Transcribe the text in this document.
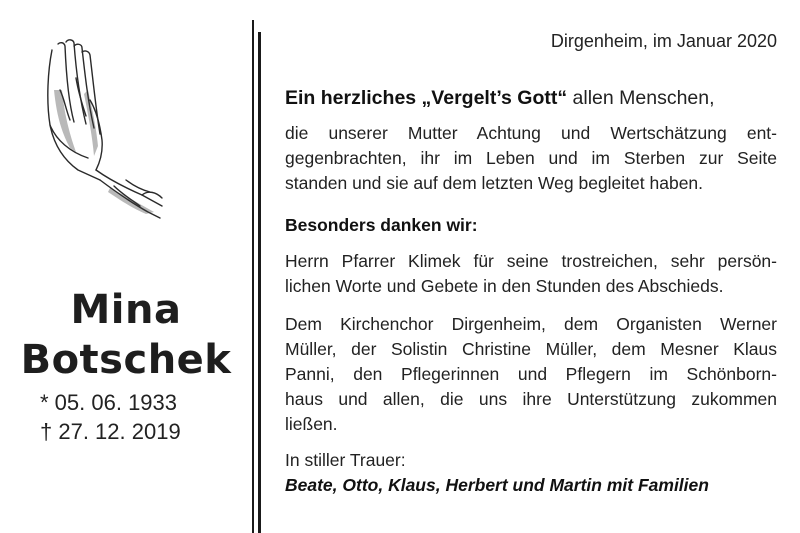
Mina
Botschek
* 05. 06. 1933
† 27. 12. 2019
Dirgenheim, im Januar 2020
Ein herzliches „Vergelt’s Gott“ allen Menschen,

die unserer Mutter Achtung und Wertschätzung ent-
gegenbrachten, ihr im Leben und im Sterben zur Seite
standen und sie auf dem letzten Weg begleitet haben.

Besonders danken wir:

Herrn Pfarrer Klimek für seine trostreichen, sehr persön-
lichen Worte und Gebete in den Stunden des Abschieds.

Dem Kirchenchor Dirgenheim, dem Organisten Werner
Müller, der Solistin Christine Müller, dem Mesner Klaus
Panni, den Pflegerinnen und Pflegern im Schönborn-
haus und allen, die uns ihre Unterstützung zukommen
ließen.

In stiller Trauer:
Beate, Otto, Klaus, Herbert und Martin mit Familien
